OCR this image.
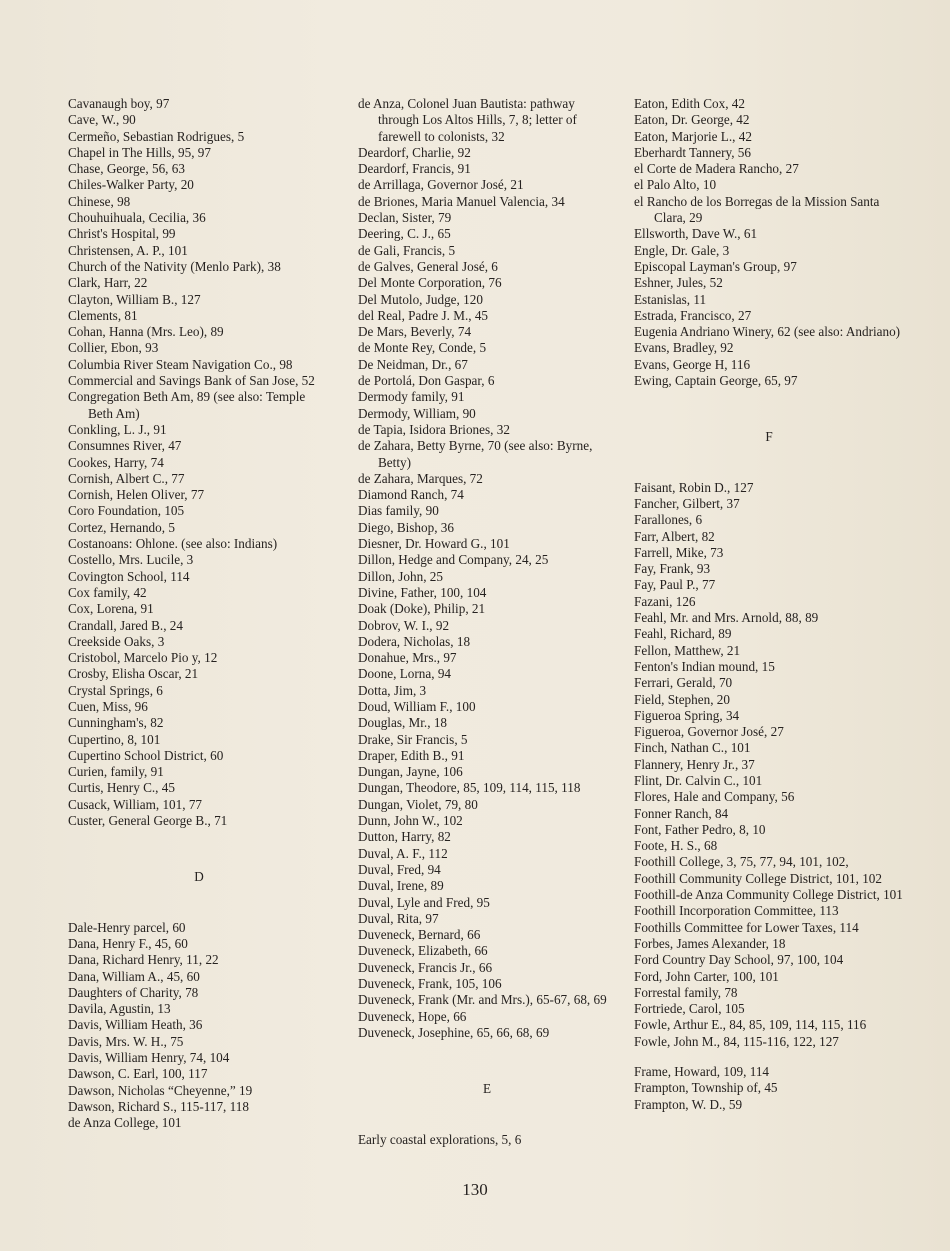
Cavanaugh boy, 97

Cave, W., 90

Cermeño, Sebastian Rodrigues, 5

Chapel in The Hills, 95, 97

Chase, George, 56, 63

Chiles-Walker Party, 20

Chinese, 98

Chouhuihuala, Cecilia, 36

Christ's Hospital, 99

Christensen, A. P., 101

Church of the Nativity (Menlo Park), 38

Clark, Harr, 22

Clayton, William B., 127

Clements, 81

Cohan, Hanna (Mrs. Leo), 89

Collier, Ebon, 93

Columbia River Steam Navigation Co., 98

Commercial and Savings Bank of San Jose, 52

Congregation Beth Am, 89 (see also: Temple Beth Am)

Conkling, L. J., 91

Consumnes River, 47

Cookes, Harry, 74

Cornish, Albert C., 77

Cornish, Helen Oliver, 77

Coro Foundation, 105

Cortez, Hernando, 5

Costanoans: Ohlone. (see also: Indians)

Costello, Mrs. Lucile, 3

Covington School, 114

Cox family, 42

Cox, Lorena, 91

Crandall, Jared B., 24

Creekside Oaks, 3

Cristobol, Marcelo Pio y, 12

Crosby, Elisha Oscar, 21

Crystal Springs, 6

Cuen, Miss, 96

Cunningham's, 82

Cupertino, 8, 101

Cupertino School District, 60

Curien, family, 91

Curtis, Henry C., 45

Cusack, William, 101, 77

Custer, General George B., 71

D

Dale-Henry parcel, 60

Dana, Henry F., 45, 60

Dana, Richard Henry, 11, 22

Dana, William A., 45, 60

Daughters of Charity, 78

Davila, Agustin, 13

Davis, William Heath, 36

Davis, Mrs. W. H., 75

Davis, William Henry, 74, 104

Dawson, C. Earl, 100, 117

Dawson, Nicholas “Cheyenne,” 19

Dawson, Richard S., 115-117, 118

de Anza College, 101

de Anza, Colonel Juan Bautista: pathway through Los Altos Hills, 7, 8; letter of farewell to colonists, 32

Deardorf, Charlie, 92

Deardorf, Francis, 91

de Arrillaga, Governor José, 21

de Briones, Maria Manuel Valencia, 34

Declan, Sister, 79

Deering, C. J., 65

de Gali, Francis, 5

de Galves, General José, 6

Del Monte Corporation, 76

Del Mutolo, Judge, 120

del Real, Padre J. M., 45

De Mars, Beverly, 74

de Monte Rey, Conde, 5

De Neidman, Dr., 67

de Portolá, Don Gaspar, 6

Dermody family, 91

Dermody, William, 90

de Tapia, Isidora Briones, 32

de Zahara, Betty Byrne, 70 (see also: Byrne, Betty)

de Zahara, Marques, 72

Diamond Ranch, 74

Dias family, 90

Diego, Bishop, 36

Diesner, Dr. Howard G., 101

Dillon, Hedge and Company, 24, 25

Dillon, John, 25

Divine, Father, 100, 104

Doak (Doke), Philip, 21

Dobrov, W. I., 92

Dodera, Nicholas, 18

Donahue, Mrs., 97

Doone, Lorna, 94

Dotta, Jim, 3

Doud, William F., 100

Douglas, Mr., 18

Drake, Sir Francis, 5

Draper, Edith B., 91

Dungan, Jayne, 106

Dungan, Theodore, 85, 109, 114, 115, 118

Dungan, Violet, 79, 80

Dunn, John W., 102

Dutton, Harry, 82

Duval, A. F., 112

Duval, Fred, 94

Duval, Irene, 89

Duval, Lyle and Fred, 95

Duval, Rita, 97

Duveneck, Bernard, 66

Duveneck, Elizabeth, 66

Duveneck, Francis Jr., 66

Duveneck, Frank, 105, 106

Duveneck, Frank (Mr. and Mrs.), 65-67, 68, 69

Duveneck, Hope, 66

Duveneck, Josephine, 65, 66, 68, 69

E

Early coastal explorations, 5, 6

Eaton, Edith Cox, 42

Eaton, Dr. George, 42

Eaton, Marjorie L., 42

Eberhardt Tannery, 56

el Corte de Madera Rancho, 27

el Palo Alto, 10

el Rancho de los Borregas de la Mission Santa Clara, 29

Ellsworth, Dave W., 61

Engle, Dr. Gale, 3

Episcopal Layman's Group, 97

Eshner, Jules, 52

Estanislas, 11

Estrada, Francisco, 27

Eugenia Andriano Winery, 62 (see also: Andriano)

Evans, Bradley, 92

Evans, George H, 116

Ewing, Captain George, 65, 97

F

Faisant, Robin D., 127

Fancher, Gilbert, 37

Farallones, 6

Farr, Albert, 82

Farrell, Mike, 73

Fay, Frank, 93

Fay, Paul P., 77

Fazani, 126

Feahl, Mr. and Mrs. Arnold, 88, 89

Feahl, Richard, 89

Fellon, Matthew, 21

Fenton's Indian mound, 15

Ferrari, Gerald, 70

Field, Stephen, 20

Figueroa Spring, 34

Figueroa, Governor José, 27

Finch, Nathan C., 101

Flannery, Henry Jr., 37

Flint, Dr. Calvin C., 101

Flores, Hale and Company, 56

Fonner Ranch, 84

Font, Father Pedro, 8, 10

Foote, H. S., 68

Foothill College, 3, 75, 77, 94, 101, 102,

Foothill Community College District, 101, 102

Foothill-de Anza Community College District, 101

Foothill Incorporation Committee, 113

Foothills Committee for Lower Taxes, 114

Forbes, James Alexander, 18

Ford Country Day School, 97, 100, 104

Ford, John Carter, 100, 101

Forrestal family, 78

Fortriede, Carol, 105

Fowle, Arthur E., 84, 85, 109, 114, 115, 116

Fowle, John M., 84, 115-116, 122, 127

Frame, Howard, 109, 114

Frampton, Township of, 45

Frampton, W. D., 59

130
